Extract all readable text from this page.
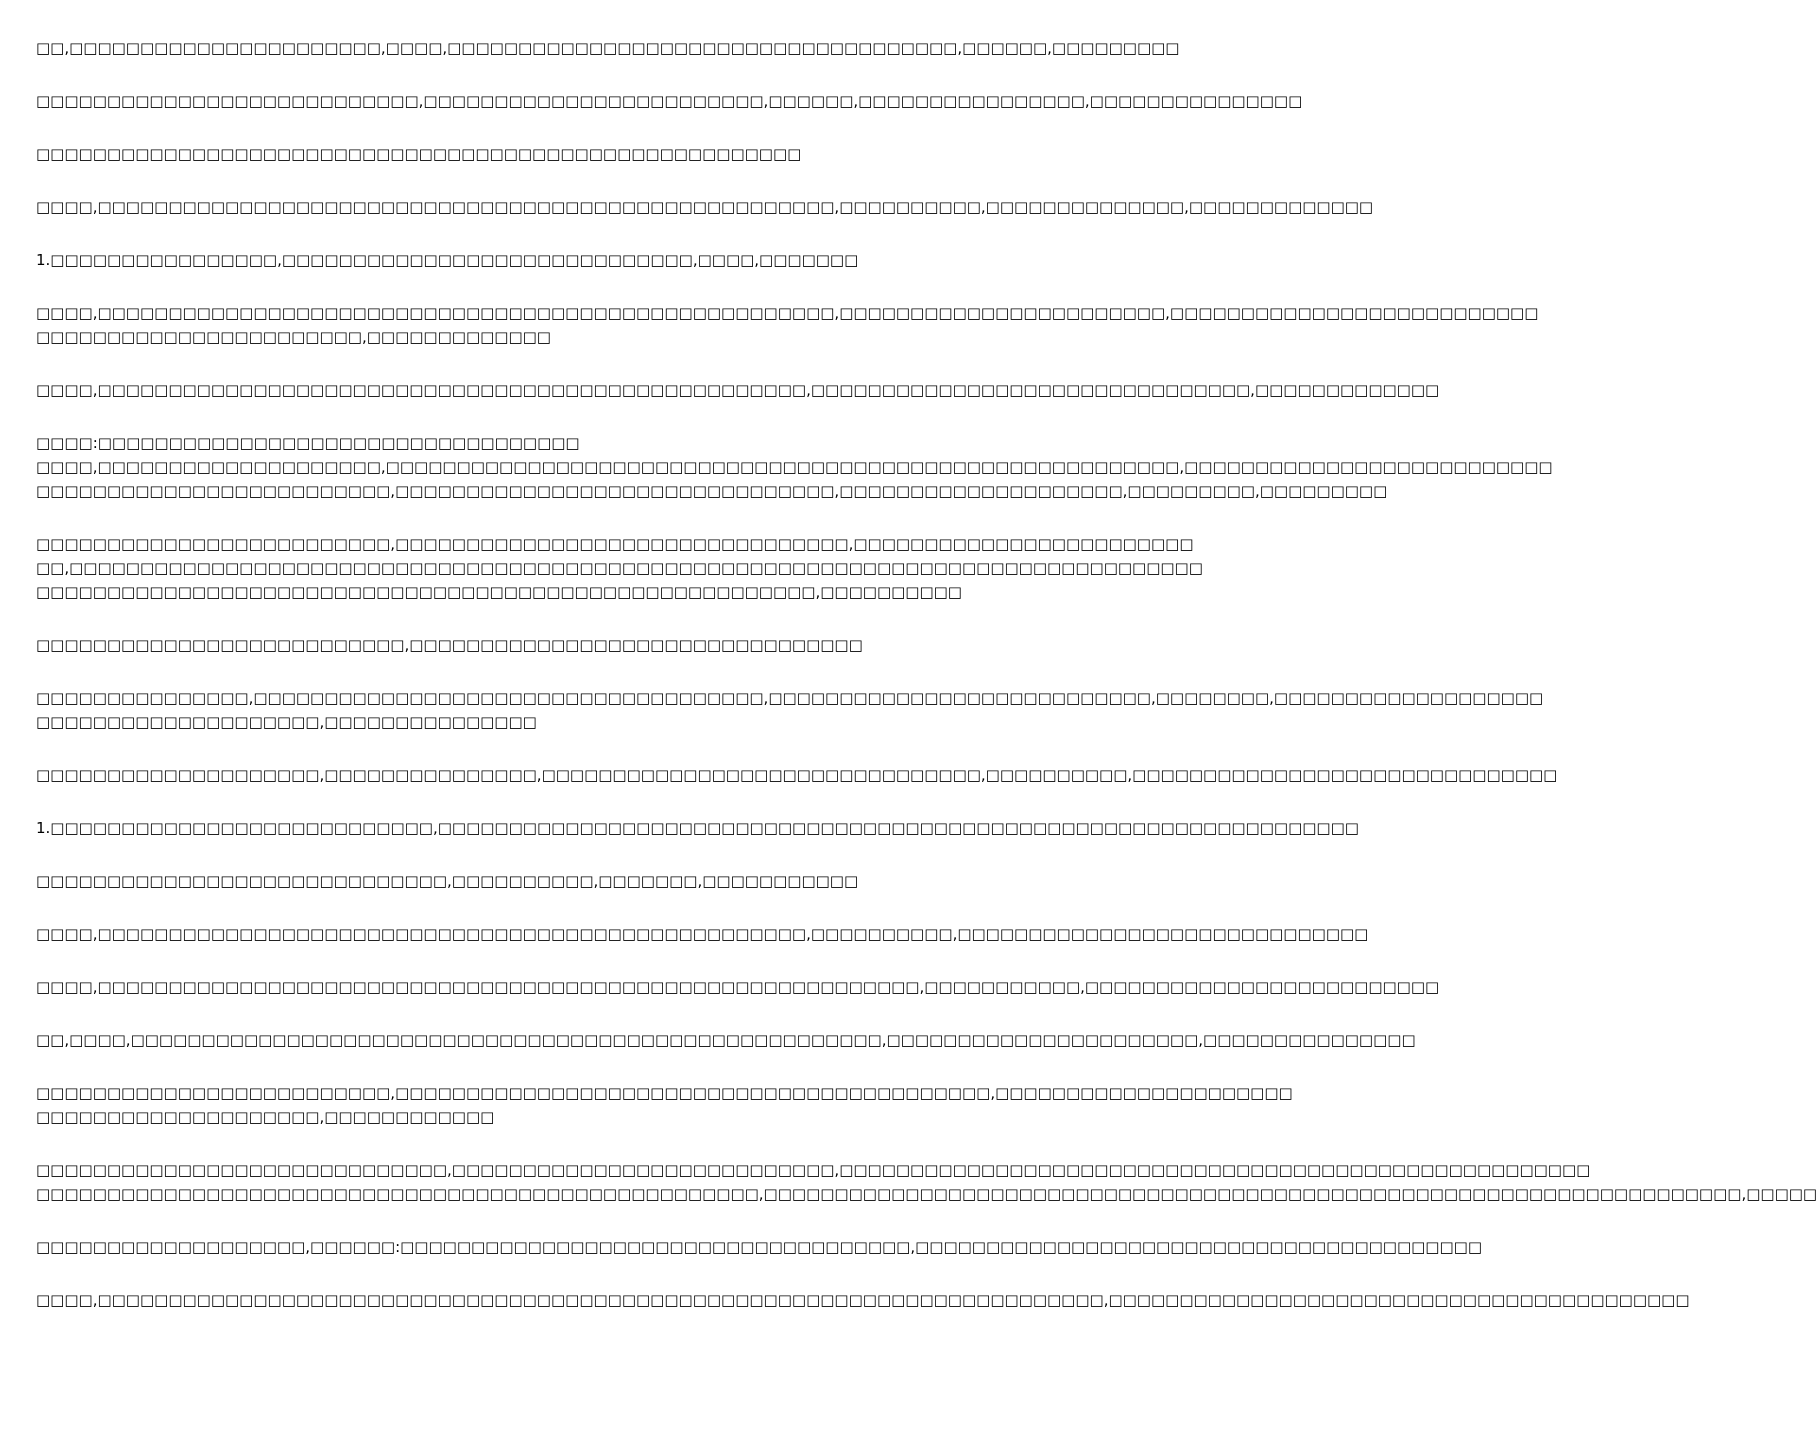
□□,□□□□□□□□□□□□□□□□□□□□□□,□□□□,□□□□□□□□□□□□□□□□□□□□□□□□□□□□□□□□□□□□,□□□□□□,□□□□□□□□□
□□□□□□□□□□□□□□□□□□□□□□□□□□□,□□□□□□□□□□□□□□□□□□□□□□□□,□□□□□□,□□□□□□□□□□□□□□□□,□□□□□□□□□□□□□□□
□□□□□□□□□□□□□□□□□□□□□□□□□□□□□□□□□□□□□□□□□□□□□□□□□□□□□□
□□□□,□□□□□□□□□□□□□□□□□□□□□□□□□□□□□□□□□□□□□□□□□□□□□□□□□□□□,□□□□□□□□□□,□□□□□□□□□□□□□□,□□□□□□□□□□□□□
1.□□□□□□□□□□□□□□□□,□□□□□□□□□□□□□□□□□□□□□□□□□□□□□,□□□□,□□□□□□□
□□□□,□□□□□□□□□□□□□□□□□□□□□□□□□□□□□□□□□□□□□□□□□□□□□□□□□□□□,□□□□□□□□□□□□□□□□□□□□□□□,□□□□□□□□□□□□□□□□□□□□□□□□□□
□□□□□□□□□□□□□□□□□□□□□□□,□□□□□□□□□□□□□
□□□□,□□□□□□□□□□□□□□□□□□□□□□□□□□□□□□□□□□□□□□□□□□□□□□□□□□,□□□□□□□□□□□□□□□□□□□□□□□□□□□□□□□,□□□□□□□□□□□□□
□□□□:□□□□□□□□□□□□□□□□□□□□□□□□□□□□□□□□□□
□□□□,□□□□□□□□□□□□□□□□□□□□,□□□□□□□□□□□□□□□□□□□□□□□□□□□□□□□□□□□□□□□□□□□□□□□□□□□□□□□□,□□□□□□□□□□□□□□□□□□□□□□□□□□
□□□□□□□□□□□□□□□□□□□□□□□□□,□□□□□□□□□□□□□□□□□□□□□□□□□□□□□□□,□□□□□□□□□□□□□□□□□□□□,□□□□□□□□□,□□□□□□□□□
□□□□□□□□□□□□□□□□□□□□□□□□□,□□□□□□□□□□□□□□□□□□□□□□□□□□□□□□□□,□□□□□□□□□□□□□□□□□□□□□□□□
□□,□□□□□□□□□□□□□□□□□□□□□□□□□□□□□□□□□□□□□□□□□□□□□□□□□□□□□□□□□□□□□□□□□□□□□□□□□□□□□□□□
□□□□□□□□□□□□□□□□□□□□□□□□□□□□□□□□□□□□□□□□□□□□□□□□□□□□□□□,□□□□□□□□□□
□□□□□□□□□□□□□□□□□□□□□□□□□□,□□□□□□□□□□□□□□□□□□□□□□□□□□□□□□□□
□□□□□□□□□□□□□□□,□□□□□□□□□□□□□□□□□□□□□□□□□□□□□□□□□□□□,□□□□□□□□□□□□□□□□□□□□□□□□□□□,□□□□□□□□,□□□□□□□□□□□□□□□□□□□
□□□□□□□□□□□□□□□□□□□□,□□□□□□□□□□□□□□□
□□□□□□□□□□□□□□□□□□□□,□□□□□□□□□□□□□□□,□□□□□□□□□□□□□□□□□□□□□□□□□□□□□□□,□□□□□□□□□□,□□□□□□□□□□□□□□□□□□□□□□□□□□□□□□
1.□□□□□□□□□□□□□□□□□□□□□□□□□□□,□□□□□□□□□□□□□□□□□□□□□□□□□□□□□□□□□□□□□□□□□□□□□□□□□□□□□□□□□□□□□□□□□
□□□□□□□□□□□□□□□□□□□□□□□□□□□□□,□□□□□□□□□□,□□□□□□□,□□□□□□□□□□□
□□□□,□□□□□□□□□□□□□□□□□□□□□□□□□□□□□□□□□□□□□□□□□□□□□□□□□□,□□□□□□□□□□,□□□□□□□□□□□□□□□□□□□□□□□□□□□□□
□□□□,□□□□□□□□□□□□□□□□□□□□□□□□□□□□□□□□□□□□□□□□□□□□□□□□□□□□□□□□□□,□□□□□□□□□□□,□□□□□□□□□□□□□□□□□□□□□□□□□
□□,□□□□,□□□□□□□□□□□□□□□□□□□□□□□□□□□□□□□□□□□□□□□□□□□□□□□□□□□□□,□□□□□□□□□□□□□□□□□□□□□□,□□□□□□□□□□□□□□□
□□□□□□□□□□□□□□□□□□□□□□□□□,□□□□□□□□□□□□□□□□□□□□□□□□□□□□□□□□□□□□□□□□□□,□□□□□□□□□□□□□□□□□□□□□
□□□□□□□□□□□□□□□□□□□□,□□□□□□□□□□□□
□□□□□□□□□□□□□□□□□□□□□□□□□□□□□,□□□□□□□□□□□□□□□□□□□□□□□□□□□,□□□□□□□□□□□□□□□□□□□□□□□□□□□□□□□□□□□□□□□□□□□□□□□□□□□□□
□□□□□□□□□□□□□□□□□□□□□□□□□□□□□□□□□□□□□□□□□□□□□□□□□□□,□□□□□□□□□□□□□□□□□□□□□□□□□□□□□□□□□□□□□□□□□□□□□□□□□□□□□□□□□□□□□□□□□□□□□,□□□□□
□□□□□□□□□□□□□□□□□□□,□□□□□□:□□□□□□□□□□□□□□□□□□□□□□□□□□□□□□□□□□□□,□□□□□□□□□□□□□□□□□□□□□□□□□□□□□□□□□□□□□□□□
□□□□,□□□□□□□□□□□□□□□□□□□□□□□□□□□□□□□□□□□□□□□□□□□□□□□□□□□□□□□□□□□□□□□□□□□□□□□,□□□□□□□□□□□□□□□□□□□□□□□□□□□□□□□□□□□□□□□□□
